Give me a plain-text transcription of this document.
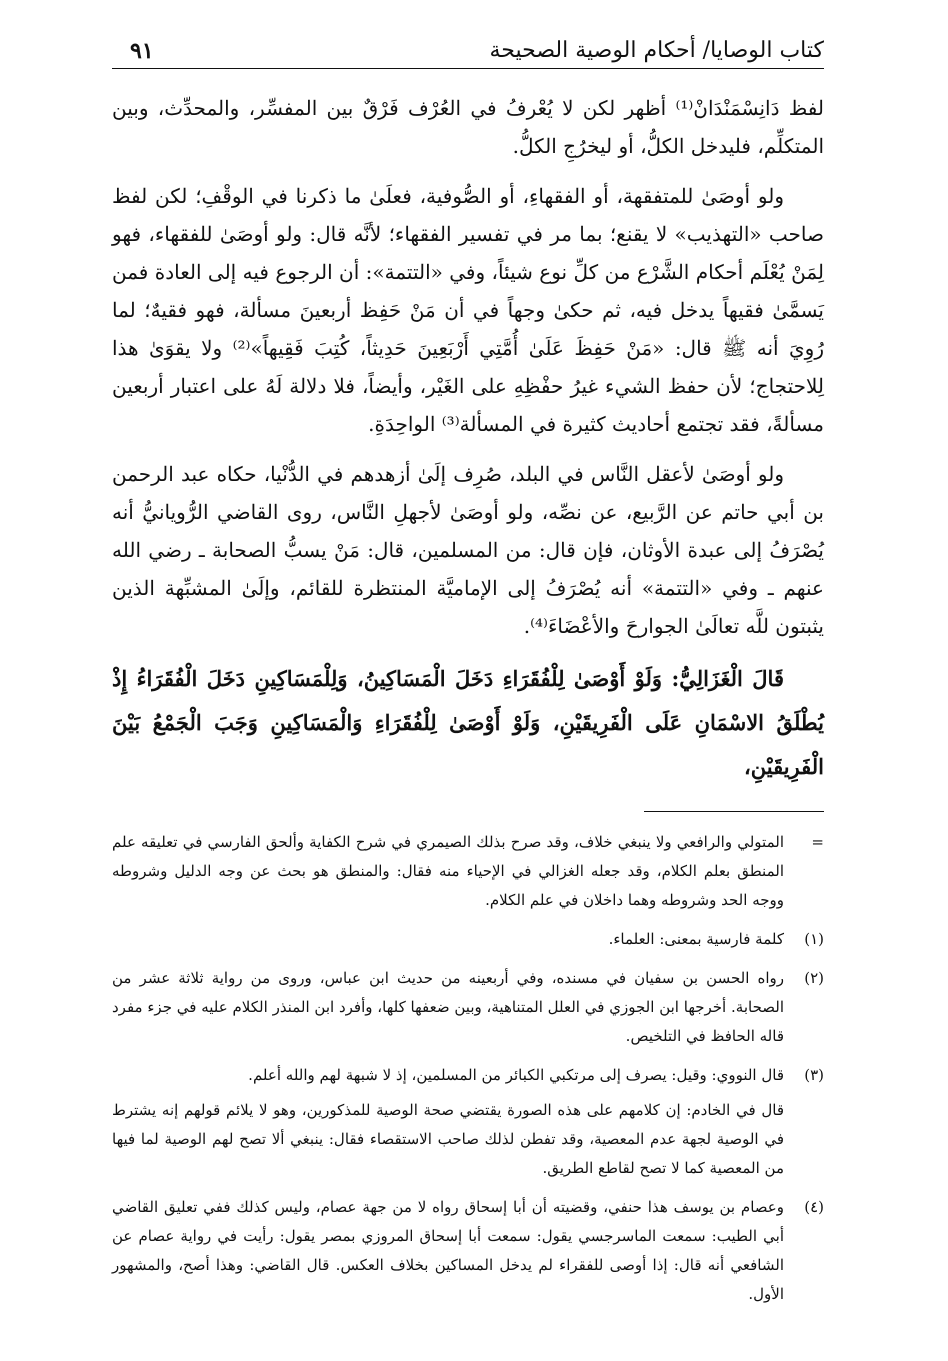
كتاب الوصايا/ أحكام الوصية الصحيحة
٩١

لفظ دَانِسْمَنْدَانْ⁽¹⁾ أظهر لكن لا يُعْرفُ في العُرْف فَرْقٌ بين المفسِّر، والمحدِّث، وبين المتكلِّم، فليدخل الكلُّ، أو ليخرُجِ الكلُّ.

ولو أوصَىٰ للمتفقهة، أو الفقهاءِ، أو الصُّوفية، فعلَىٰ ما ذكرنا في الوقْفِ؛ لكن لفظ صاحب «التهذيب» لا يقنع؛ بما مر في تفسير الفقهاء؛ لأنَّه قال: ولو أوصَىٰ للفقهاء، فهو لِمَنْ يُعْلَم أحكام الشَّرْع من كلِّ نوع شيئاً، وفي «التتمة»: أن الرجوع فيه إلى العادة فمن يَسمَّىٰ فقيهاً يدخل فيه، ثم حكىٰ وجهاً في أن مَنْ حَفِظ أربعينَ مسألة، فهو فقيهٌ؛ لما رُوِيَ أنه ﷺ قال: «مَنْ حَفِظَ عَلَىٰ أُمَّتِي أَرْبَعِينَ حَدِيثاً، كُتِبَ فَقِيهاً»⁽²⁾ ولا يقوَىٰ هذا لِلاحتجاج؛ لأن حفظ الشيء غيرُ حفْظِهِ على الغَيْر، وأيضاً، فلا دلالة لَهُ على اعتبار أربعين مسألةً، فقد تجتمع أحاديث كثيرة في المسألة⁽³⁾ الواحِدَةِ.

ولو أوصَىٰ لأعقل النَّاس في البلد، صُرِف إلَىٰ أزهدهم في الدُّنْيا، حكاه عبد الرحمن بن أبي حاتم عن الرَّبيع، عن نصِّه، ولو أوصَىٰ لأجهلِ النَّاس، روى القاضي الرُّويانيُّ أنه يُصْرَفُ إلى عبدة الأوثان، فإن قال: من المسلمين، قال: مَنْ يسبُّ الصحابة ـ رضي الله عنهم ـ وفي «التتمة» أنه يُصْرَفُ إلى الإماميَّة المنتظرة للقائم، وإلَىٰ المشبِّهة الذين يثبتون للَّه تعالَىٰ الجوارحَ والأعْضَاءَ⁽⁴⁾.

قَالَ الْغَزَالِيُّ: وَلَوْ أَوْصَىٰ لِلْفُقَرَاءِ دَخَلَ الْمَسَاكِينُ، وَلِلْمَسَاكِينِ دَخَلَ الْفُقَرَاءُ إِذْ يُطْلَقُ الاسْمَانِ عَلَى الْفَرِيقَيْنِ، وَلَوْ أَوْصَىٰ لِلْفُقَرَاءِ وَالْمَسَاكِينِ وَجَبَ الْجَمْعُ بَيْنَ الْفَرِيقَيْنِ،

=
المتولي والرافعي ولا ينبغي خلاف، وقد صرح بذلك الصيمري في شرح الكفاية وألحق الفارسي في تعليقه علم المنطق بعلم الكلام، وقد جعله الغزالي في الإحياء منه فقال: والمنطق هو بحث عن وجه الدليل وشروطه ووجه الحد وشروطه وهما داخلان في علم الكلام.
(١)
كلمة فارسية بمعنى: العلماء.
(٢)
رواه الحسن بن سفيان في مسنده، وفي أربعينه من حديث ابن عباس، وروى من رواية ثلاثة عشر من الصحابة. أخرجها ابن الجوزي في العلل المتناهية، وبين ضعفها كلها، وأفرد ابن المنذر الكلام عليه في جزء مفرد قاله الحافظ في التلخيص.
(٣)
قال النووي: وقيل: يصرف إلى مرتكبي الكبائر من المسلمين، إذ لا شبهة لهم والله أعلم.
قال في الخادم: إن كلامهم على هذه الصورة يقتضي صحة الوصية للمذكورين، وهو لا يلائم قولهم إنه يشترط في الوصية لجهة عدم المعصية، وقد تفطن لذلك صاحب الاستقصاء فقال: ينبغي ألا تصح لهم الوصية لما فيها من المعصية كما لا تصح لقاطع الطريق.
(٤)
وعصام بن يوسف هذا حنفي، وقضيته أن أبا إسحاق رواه لا من جهة عصام، وليس كذلك ففي تعليق القاضي أبي الطيب: سمعت الماسرجسي يقول: سمعت أبا إسحاق المروزي بمصر يقول: رأيت في رواية عصام عن الشافعي أنه قال: إذا أوصى للفقراء لم يدخل المساكين بخلاف العكس. قال القاضي: وهذا أصح، والمشهور الأول.
